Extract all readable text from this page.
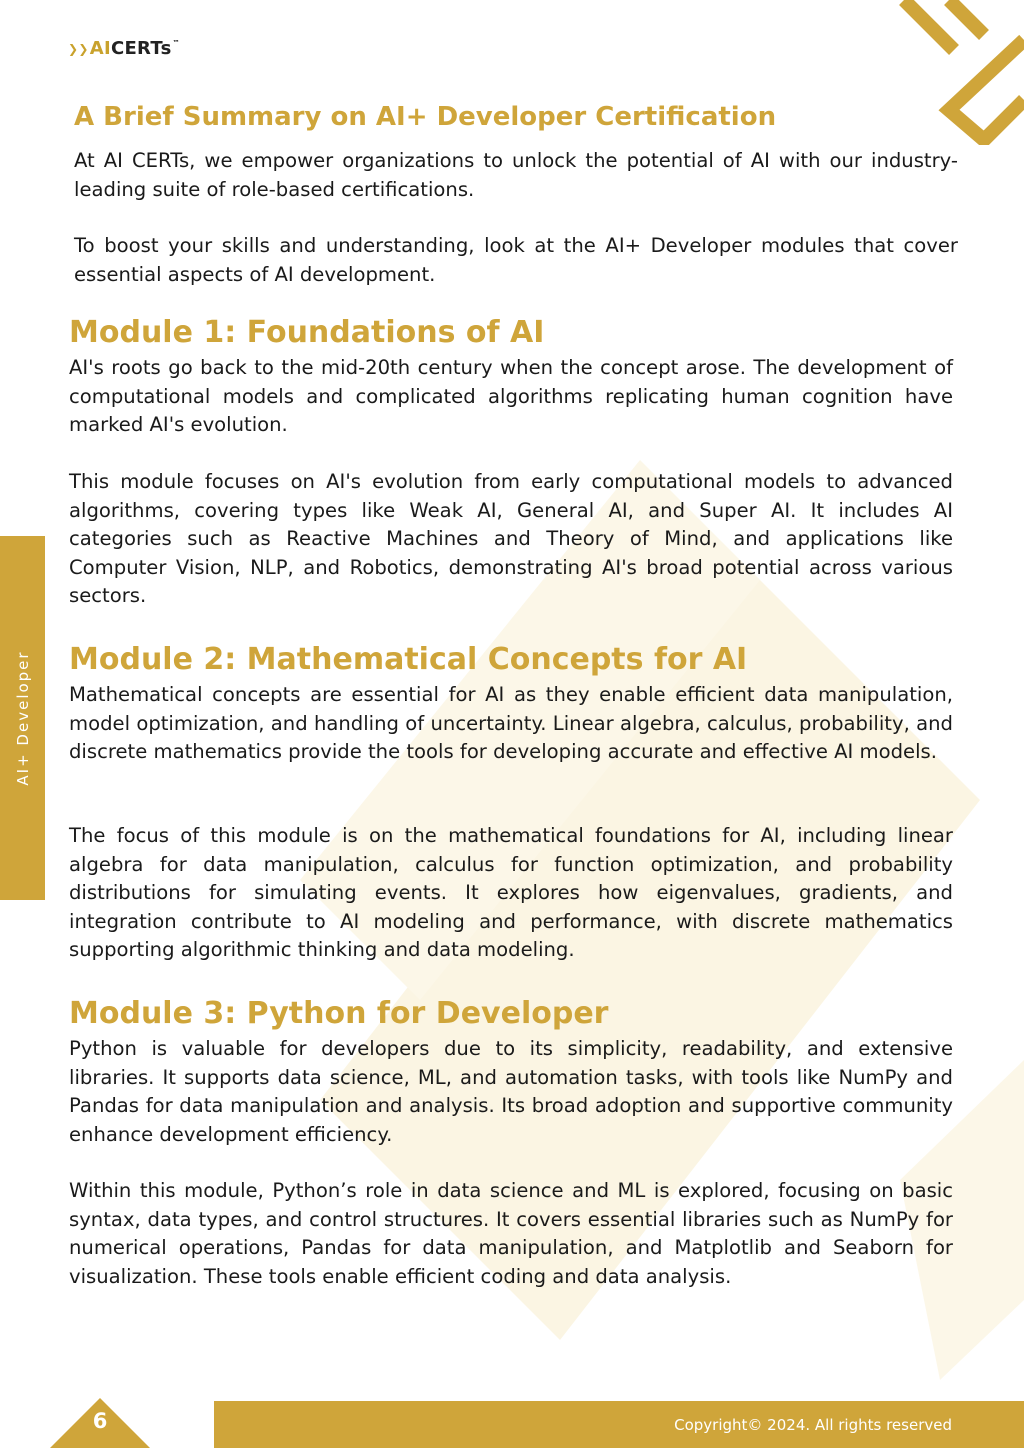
❯❯ AI CERTs ™
AI+ Developer
A Brief Summary on AI+ Developer Certification

At AI CERTs, we empower organizations to unlock the potential of AI with our industry-leading suite of role-based certifications.

To boost your skills and understanding, look at the AI+ Developer modules that cover essential aspects of AI development.

Module 1: Foundations of AI

AI's roots go back to the mid-20th century when the concept arose. The development of computational models and complicated algorithms replicating human cognition have marked AI's evolution.

This module focuses on AI's evolution from early computational models to advanced algorithms, covering types like Weak AI, General AI, and Super AI. It includes AI categories such as Reactive Machines and Theory of Mind, and applications like Computer Vision, NLP, and Robotics, demonstrating AI's broad potential across various sectors.

Module 2: Mathematical Concepts for AI

Mathematical concepts are essential for AI as they enable efficient data manipulation, model optimization, and handling of uncertainty. Linear algebra, calculus, probability, and discrete mathematics provide the tools for developing accurate and effective AI models.

The focus of this module is on the mathematical foundations for AI, including linear algebra for data manipulation, calculus for function optimization, and probability distributions for simulating events. It explores how eigenvalues, gradients, and integration contribute to AI modeling and performance, with discrete mathematics supporting algorithmic thinking and data modeling.

Module 3: Python for Developer

Python is valuable for developers due to its simplicity, readability, and extensive libraries. It supports data science, ML, and automation tasks, with tools like NumPy and Pandas for data manipulation and analysis. Its broad adoption and supportive community enhance development efficiency.

Within this module, Python’s role in data science and ML is explored, focusing on basic syntax, data types, and control structures. It covers essential libraries such as NumPy for numerical operations, Pandas for data manipulation, and Matplotlib and Seaborn for visualization. These tools enable efficient coding and data analysis.

6	Copyright© 2024. All rights reserved
